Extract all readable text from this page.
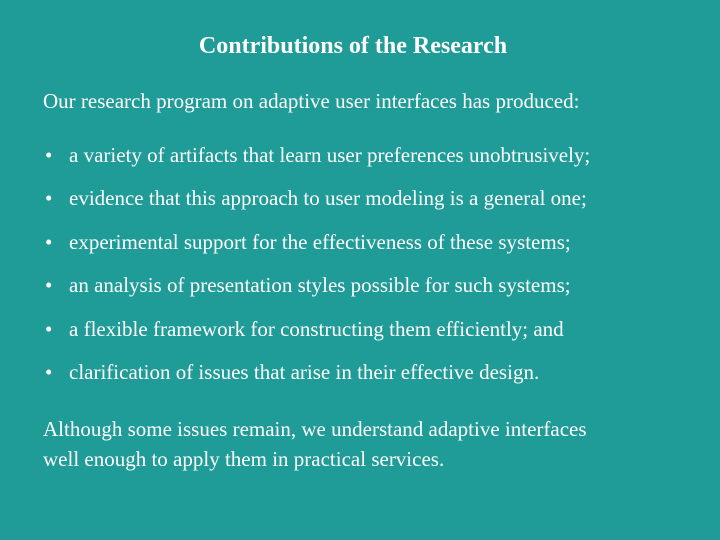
Contributions of the Research
Our research program on adaptive user interfaces has produced:
• a variety of artifacts that learn user preferences unobtrusively;
• evidence that this approach to user modeling is a general one;
• experimental support for the effectiveness of these systems;
• an analysis of presentation styles possible for such systems;
• a flexible framework for constructing them efficiently; and
• clarification of issues that arise in their effective design.
Although some issues remain, we understand adaptive interfaces
well enough to apply them in practical services.
